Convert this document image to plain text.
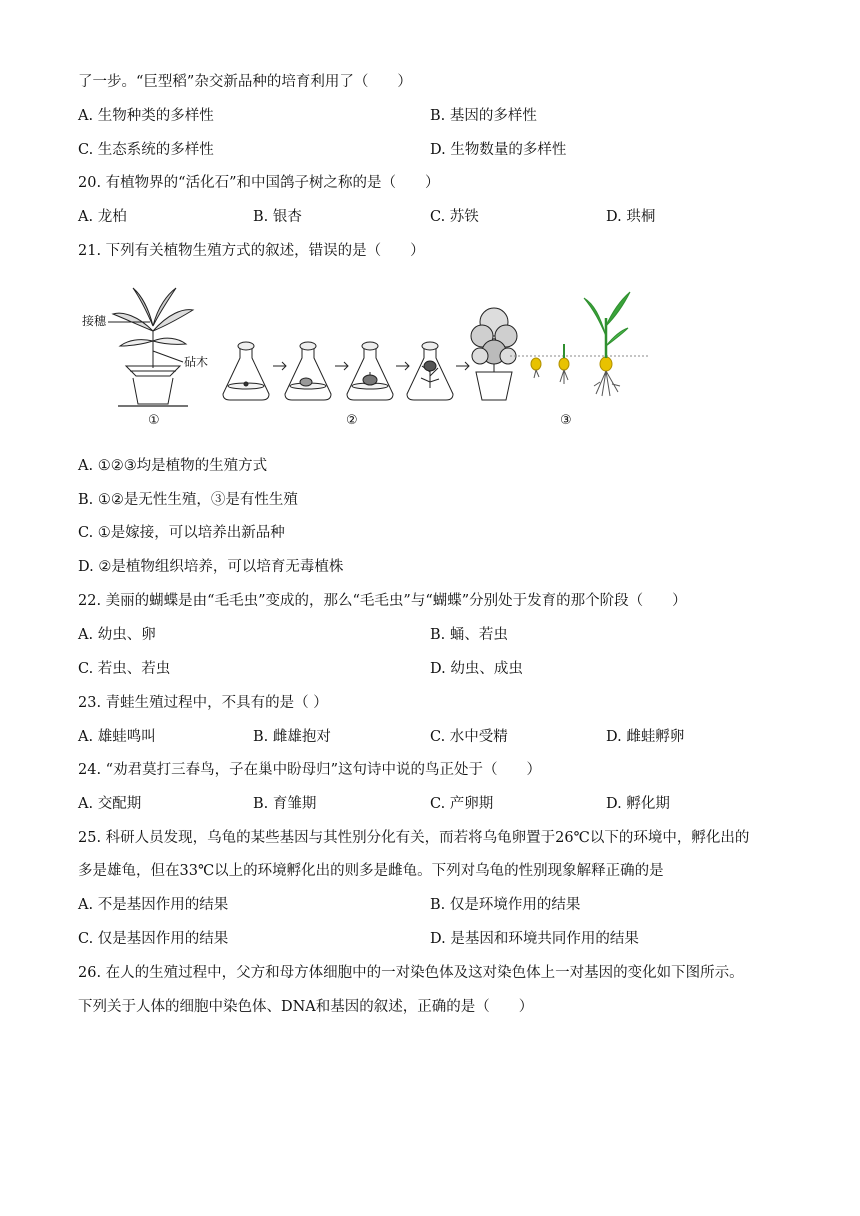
了一步。“巨型稻”杂交新品种的培育利用了（　　）
A. 生物种类的多样性	B. 基因的多样性
C. 生态系统的多样性	D. 生物数量的多样性
20. 有植物界的“活化石”和中国鸽子树之称的是（　　）
A. 龙柏	B. 银杏	C. 苏铁	D. 珙桐
21. 下列有关植物生殖方式的叙述，错误的是（　　）
接穗
砧木
①	②	③
A. ①②③均是植物的生殖方式
B. ①②是无性生殖，③是有性生殖
C. ①是嫁接，可以培养出新品种
D. ②是植物组织培养，可以培育无毒植株
22. 美丽的蝴蝶是由“毛毛虫”变成的，那么“毛毛虫”与“蝴蝶”分别处于发育的那个阶段（　　）
A. 幼虫、卵	B. 蛹、若虫
C. 若虫、若虫	D. 幼虫、成虫
23. 青蛙生殖过程中，不具有的是（ ）
A. 雄蛙鸣叫	B. 雌雄抱对	C. 水中受精	D. 雌蛙孵卵
24. “劝君莫打三春鸟，子在巢中盼母归”这句诗中说的鸟正处于（　　）
A. 交配期	B. 育雏期	C. 产卵期	D. 孵化期
25. 科研人员发现，乌龟的某些基因与其性别分化有关，而若将乌龟卵置于26℃以下的环境中，孵化出的
多是雄龟，但在33℃以上的环境孵化出的则多是雌龟。下列对乌龟的性别现象解释正确的是
A. 不是基因作用的结果	B. 仅是环境作用的结果
C. 仅是基因作用的结果	D. 是基因和环境共同作用的结果
26. 在人的生殖过程中，父方和母方体细胞中的一对染色体及这对染色体上一对基因的变化如下图所示。
下列关于人体的细胞中染色体、DNA和基因的叙述，正确的是（　　）
